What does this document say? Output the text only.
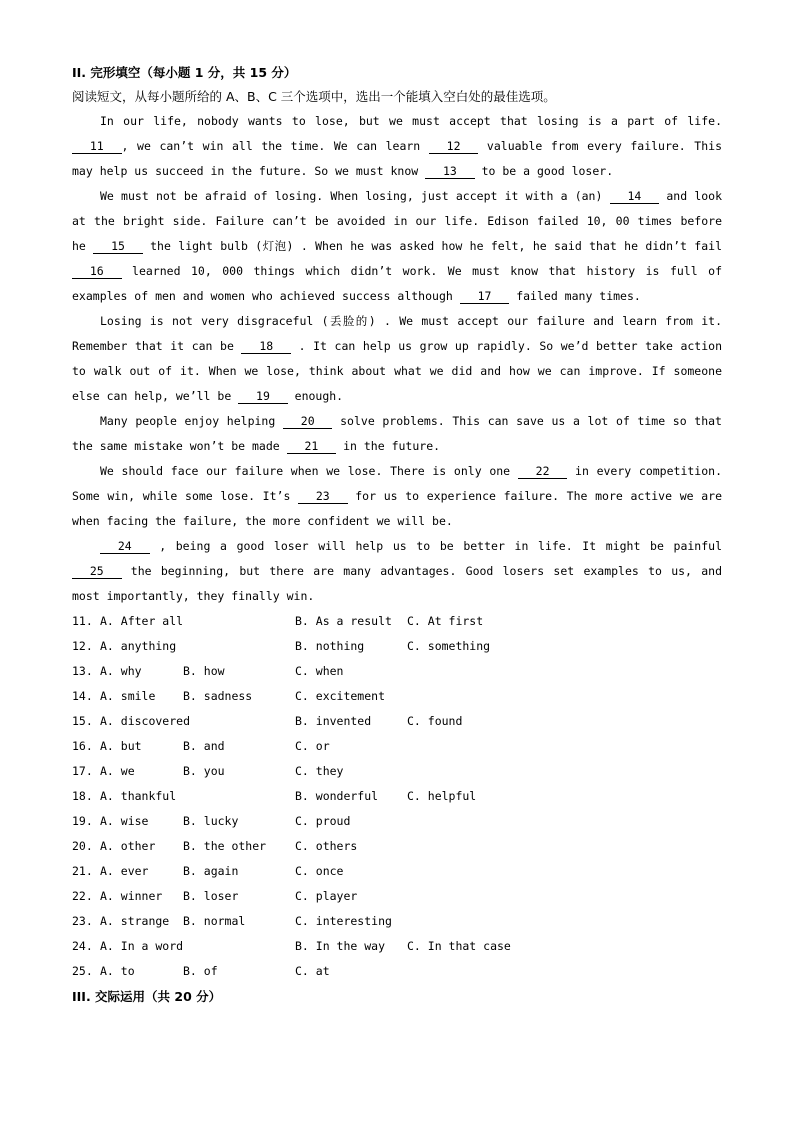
II. 完形填空（每小题 1 分，共 15 分）
阅读短文，从每小题所给的 A、B、C 三个选项中，选出一个能填入空白处的最佳选项。

In our life, nobody wants to lose, but we must accept that losing is a part of life.   11  , we can’t win all the time. We can learn   12   valuable from every failure. This may help us succeed in the future. So we must know   13   to be a good loser.

We must not be afraid of losing. When losing, just accept it with a (an)   14   and look at the bright side. Failure can’t be avoided in our life. Edison failed 10, 00 times before he   15   the light bulb (灯泡) . When he was asked how he felt, he said that he didn’t fail   16   learned 10, 000 things which didn’t work. We must know that history is full of examples of men and women who achieved success although   17   failed many times.

Losing is not very disgraceful (丢脸的) . We must accept our failure and learn from it. Remember that it can be   18   . It can help us grow up rapidly. So we’d better take action to walk out of it. When we lose, think about what we did and how we can improve. If someone else can help, we’ll be   19   enough.

Many people enjoy helping   20   solve problems. This can save us a lot of time so that the same mistake won’t be made   21   in the future.

We should face our failure when we lose. There is only one   22   in every competition. Some win, while some lose. It’s   23   for us to experience failure. The more active we are when facing the failure, the more confident we will be.

24   , being a good loser will help us to be better in life. It might be painful   25   the beginning, but there are many advantages. Good losers set examples to us, and most importantly, they finally win.

11. A. After all	B. As a result C. At first
12. A. anything	B. nothing	C. something
13. A. why	B. how	C. when
14. A. smile B. sadness	C. excitement
15. A. discovered	B. invented	C. found
16. A. but	B. and	C. or
17. A. we	B. you	C. they
18. A. thankful	B. wonderful	C. helpful
19. A. wise	B. lucky	C. proud
20. A. other B. the other	C. others
21. A. ever	B. again	C. once
22. A. winner B. loser	C. player
23. A. strange B. normal	C. interesting
24. A. In a word	B. In the way C. In that case
25. A. to	B. of	C. at
III. 交际运用（共 20 分）
